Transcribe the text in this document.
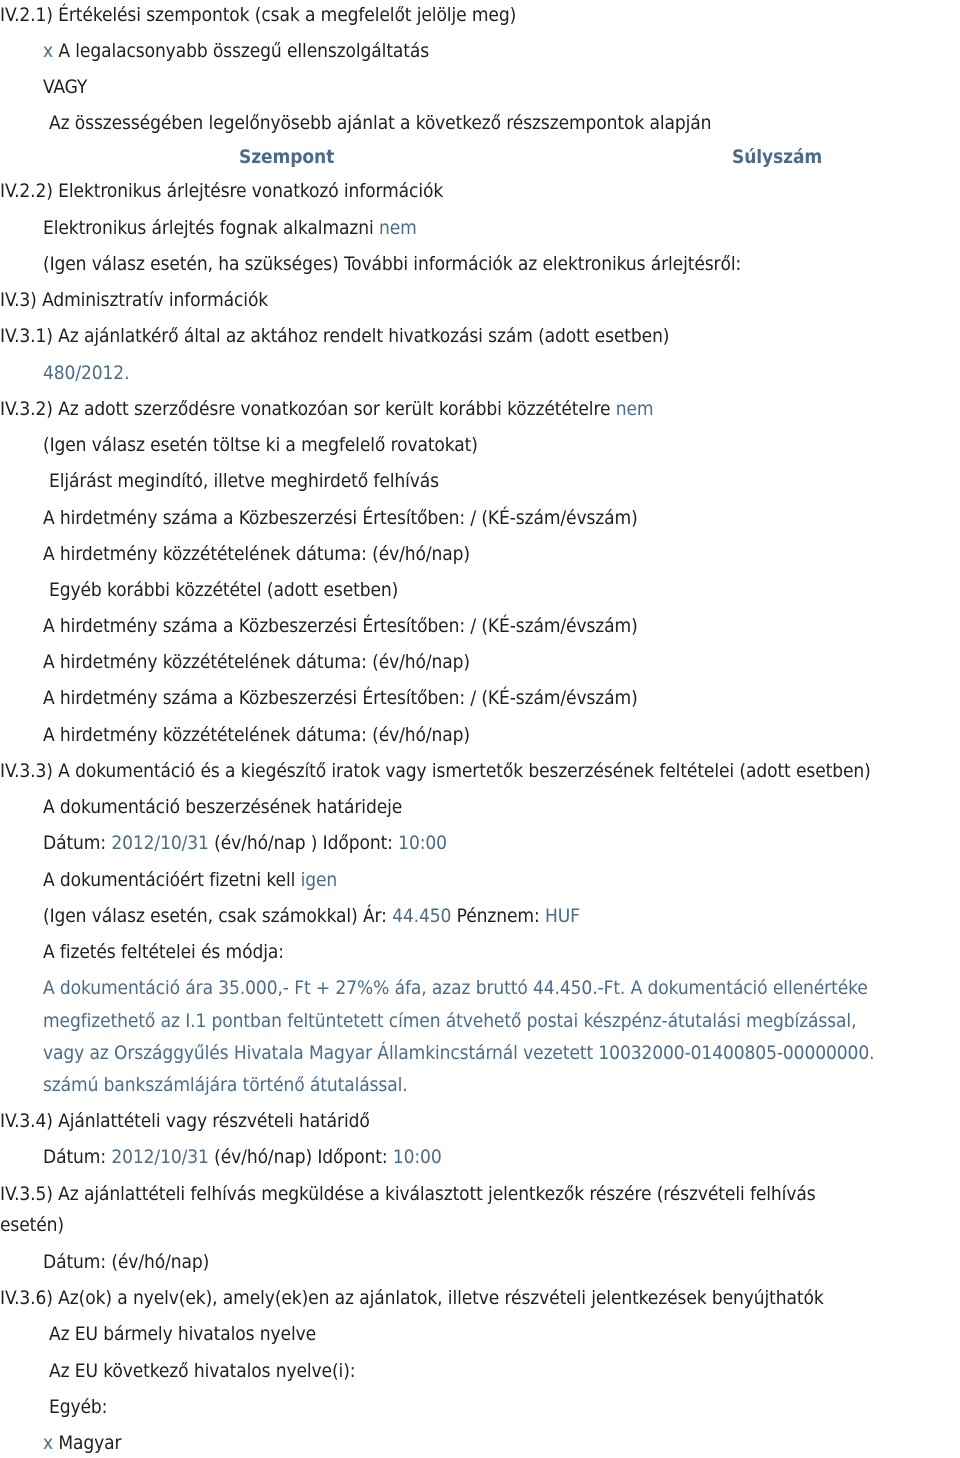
IV.2.1) Értékelési szempontok (csak a megfelelőt jelölje meg)
x A legalacsonyabb összegű ellenszolgáltatás
VAGY
Az összességében legelőnyösebb ajánlat a következő részszempontok alapján
Szempont	Súlyszám
IV.2.2) Elektronikus árlejtésre vonatkozó információk
Elektronikus árlejtés fognak alkalmazni nem
(Igen válasz esetén, ha szükséges) További információk az elektronikus árlejtésről:
IV.3) Adminisztratív információk
IV.3.1) Az ajánlatkérő által az aktához rendelt hivatkozási szám (adott esetben)
480/2012.
IV.3.2) Az adott szerződésre vonatkozóan sor került korábbi közzétételre nem
(Igen válasz esetén töltse ki a megfelelő rovatokat)
Eljárást megindító, illetve meghirdető felhívás
A hirdetmény száma a Közbeszerzési Értesítőben: / (KÉ-szám/évszám)
A hirdetmény közzétételének dátuma: (év/hó/nap)
Egyéb korábbi közzététel (adott esetben)
A hirdetmény száma a Közbeszerzési Értesítőben: / (KÉ-szám/évszám)
A hirdetmény közzétételének dátuma: (év/hó/nap)
A hirdetmény száma a Közbeszerzési Értesítőben: / (KÉ-szám/évszám)
A hirdetmény közzétételének dátuma: (év/hó/nap)
IV.3.3) A dokumentáció és a kiegészítő iratok vagy ismertetők beszerzésének feltételei (adott esetben)
A dokumentáció beszerzésének határideje
Dátum: 2012/10/31 (év/hó/nap ) Időpont: 10:00
A dokumentációért fizetni kell igen
(Igen válasz esetén, csak számokkal) Ár: 44.450 Pénznem: HUF
A fizetés feltételei és módja:
A dokumentáció ára 35.000,- Ft + 27%% áfa, azaz bruttó 44.450.-Ft. A dokumentáció ellenértéke
megfizethető az I.1 pontban feltüntetett címen átvehető postai készpénz-átutalási megbízással,
vagy az Országgyűlés Hivatala Magyar Államkincstárnál vezetett 10032000-01400805-00000000.
számú bankszámlájára történő átutalással.
IV.3.4) Ajánlattételi vagy részvételi határidő
Dátum: 2012/10/31 (év/hó/nap) Időpont: 10:00
IV.3.5) Az ajánlattételi felhívás megküldése a kiválasztott jelentkezők részére (részvételi felhívás
esetén)
Dátum: (év/hó/nap)
IV.3.6) Az(ok) a nyelv(ek), amely(ek)en az ajánlatok, illetve részvételi jelentkezések benyújthatók
Az EU bármely hivatalos nyelve
Az EU következő hivatalos nyelve(i):
Egyéb:
x Magyar
